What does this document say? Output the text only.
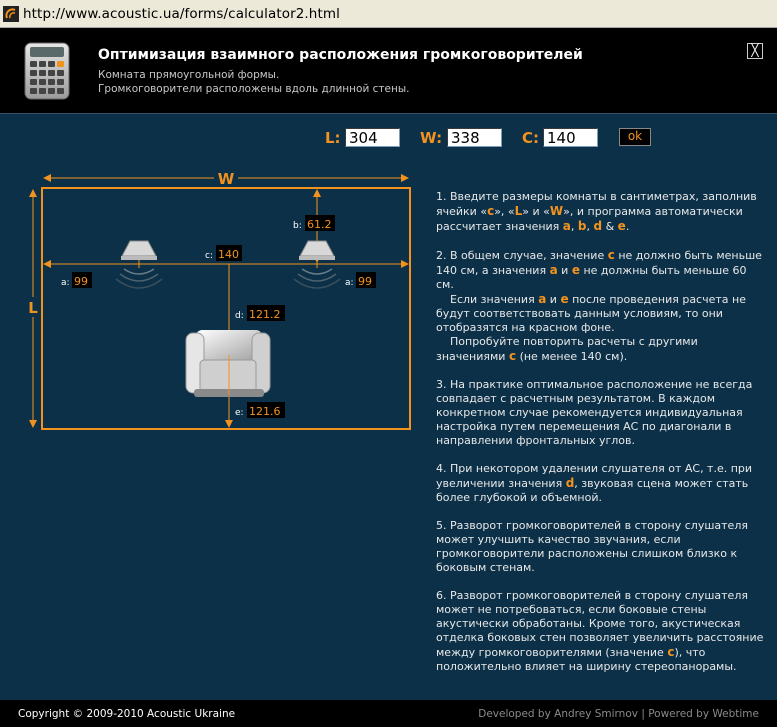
http://www.acoustic.ua/forms/calculator2.html
Оптимизация взаимного расположения громкоговорителей
Комната прямоугольной формы.
Громкоговорители расположены вдоль длинной стены.
╳
L:
304	W:
338	C:
140	ok
W
L
a: 99	a: 99
b: 61.2
c: 140
d: 121.2
e: 121.6

1. Введите размеры комнаты в сантиметрах, заполнив ячейки «c», «L» и «W», и программа автоматически рассчитает значения a, b, d & e.

2. В общем случае, значение c не должно быть меньше 140 см, а значения a и e не должны быть меньше 60 см.
Если значения a и e после проведения расчета не будут соответствовать данным условиям, то они отобразятся на красном фоне.
Попробуйте повторить расчеты с другими значениями c (не менее 140 см).

3. На практике оптимальное расположение не всегда совпадает с расчетным результатом. В каждом конкретном случае рекомендуется индивидуальная настройка путем перемещения АС по диагонали в направлении фронтальных углов.

4. При некотором удалении слушателя от АС, т.е. при увеличении значения d, звуковая сцена может стать более глубокой и объемной.

5. Разворот громкоговорителей в сторону слушателя может улучшить качество звучания, если громкоговорители расположены слишком близко к боковым стенам.

6. Разворот громкоговорителей в сторону слушателя может не потребоваться, если боковые стены акустически обработаны. Кроме того, акустическая отделка боковых стен позволяет увеличить расстояние между громкоговорителями (значение c), что положительно влияет на ширину стереопанорамы.

Copyright © 2009-2010 Acoustic Ukraine	Developed by Andrey Smirnov | Powered by Webtime
